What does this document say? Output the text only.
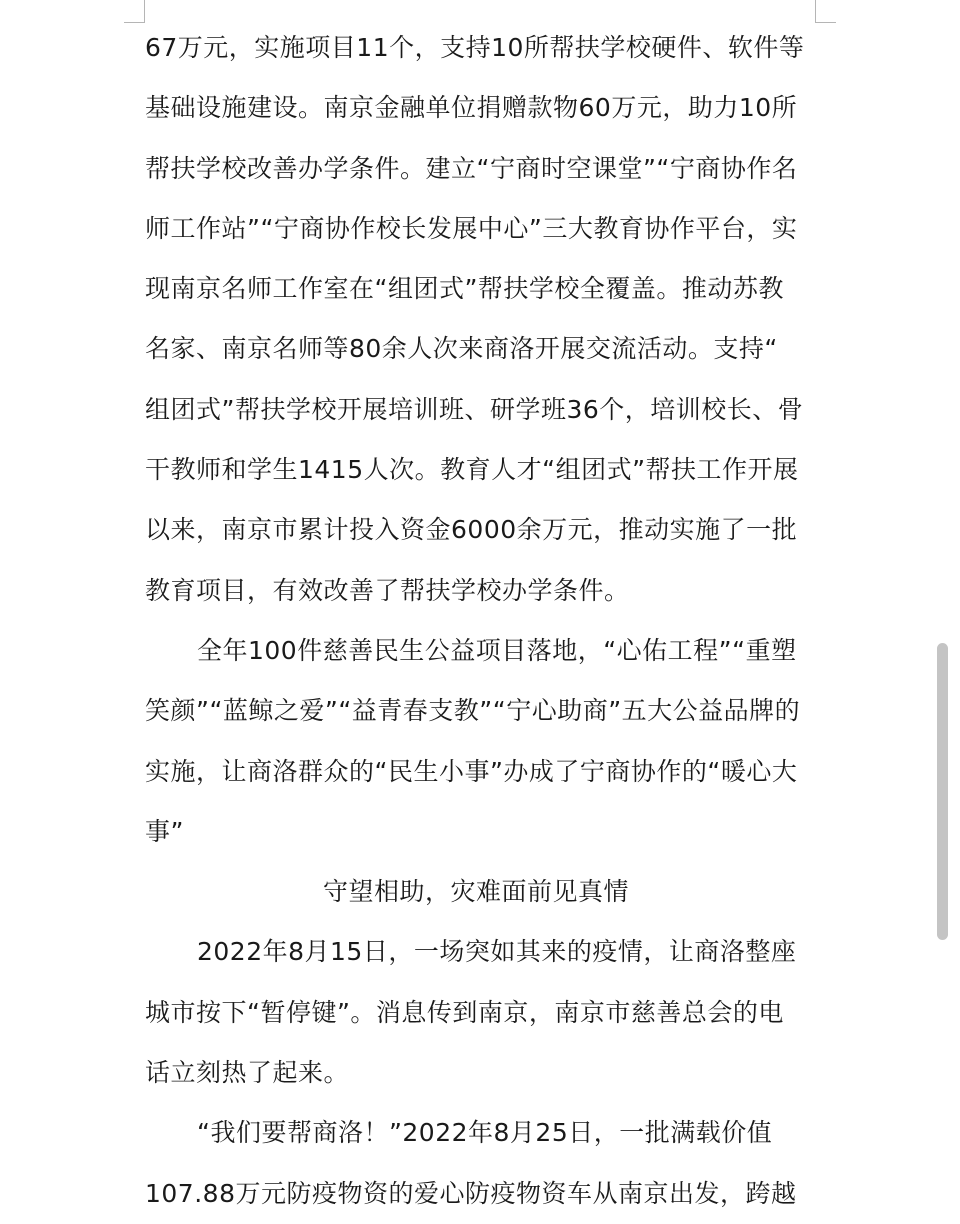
67万元，实施项目11个，支持10所帮扶学校硬件、软件等
基础设施建设。南京金融单位捐赠款物60万元，助力10所
帮扶学校改善办学条件。建立“宁商时空课堂”“宁商协作名
师工作站”“宁商协作校长发展中心”三大教育协作平台，实
现南京名师工作室在“组团式”帮扶学校全覆盖。推动苏教
名家、南京名师等80余人次来商洛开展交流活动。支持“
组团式”帮扶学校开展培训班、研学班36个，培训校长、骨
干教师和学生1415人次。教育人才“组团式”帮扶工作开展
以来，南京市累计投入资金6000余万元，推动实施了一批
教育项目，有效改善了帮扶学校办学条件。
全年100件慈善民生公益项目落地，“心佑工程”“重塑
笑颜”“蓝鲸之爱”“益青春支教”“宁心助商”五大公益品牌的
实施，让商洛群众的“民生小事”办成了宁商协作的“暖心大
事”
守望相助，灾难面前见真情
2022年8月15日，一场突如其来的疫情，让商洛整座
城市按下“暂停键”。消息传到南京，南京市慈善总会的电
话立刻热了起来。
“我们要帮商洛！”2022年8月25日，一批满载价值
107.88万元防疫物资的爱心防疫物资车从南京出发，跨越
